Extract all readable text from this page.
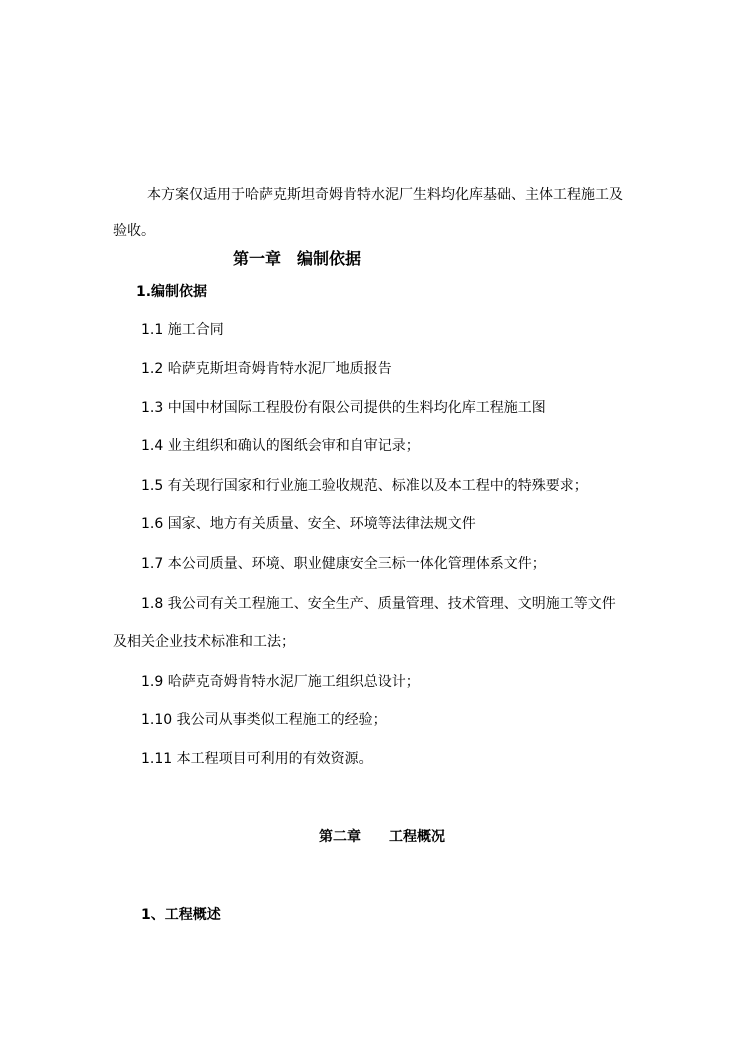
本方案仅适用于哈萨克斯坦奇姆肯特水泥厂生料均化库基础、主体工程施工及
验收。
第一章　编制依据
1.编制依据
1.1 施工合同
1.2 哈萨克斯坦奇姆肯特水泥厂地质报告
1.3 中国中材国际工程股份有限公司提供的生料均化库工程施工图
1.4 业主组织和确认的图纸会审和自审记录；
1.5 有关现行国家和行业施工验收规范、标准以及本工程中的特殊要求；
1.6 国家、地方有关质量、安全、环境等法律法规文件
1.7 本公司质量、环境、职业健康安全三标一体化管理体系文件；
1.8 我公司有关工程施工、安全生产、质量管理、技术管理、文明施工等文件
及相关企业技术标准和工法；
1.9 哈萨克奇姆肯特水泥厂施工组织总设计；
1.10 我公司从事类似工程施工的经验；
1.11 本工程项目可利用的有效资源。
第二章　　工程概况
1、工程概述
